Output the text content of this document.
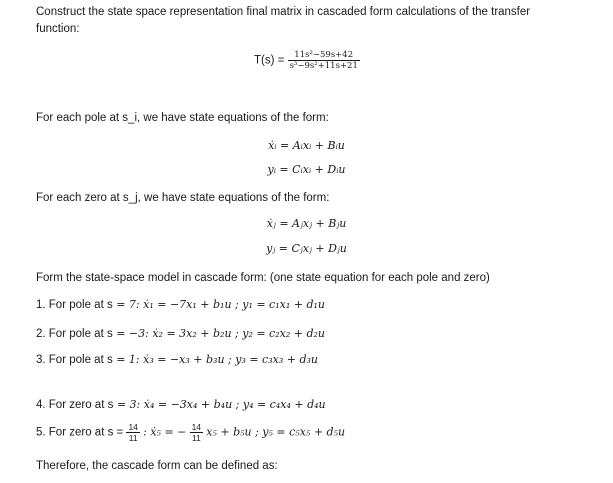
Construct the state space representation final matrix in cascaded form calculations of the transfer
function:
$T(s) = \frac{\text{11s²−59s+42}}{\text{s³−9s²+11s+21}}$
For each pole at s_i, we have state equations of the form:
ẋᵢ = Aᵢxᵢ + Bᵢu
yᵢ = Cᵢxᵢ + Dᵢu
For each zero at s_j, we have state equations of the form:
ẋⱼ = Aⱼxⱼ + Bⱼu
yⱼ = Cⱼxⱼ + Dⱼu
Form the state-space model in cascade form: (one state equation for each pole and zero)
1. For pole at s = 7: ẋ₁ = −7x₁ + b₁u ; y₁ = c₁x₁ + d₁u
2. For pole at s = −3: ẋ₂ = 3x₂ + b₂u ; y₂ = c₂x₂ + d₂u
3. For pole at s = 1: ẋ₃ = −x₃ + b₃u ; y₃ = c₃x₃ + d₃u
4. For zero at s = 3: ẋ₄ = −3x₄ + b₄u ; y₄ = c₄x₄ + d₄u
5. For zero at $s = \frac{14}{11}$ : ẋ₅ = − $\frac{14}{11} x_5 + b_5u$ ; y₅ = c₅x₅ + d₅u
Therefore, the cascade form can be defined as:
